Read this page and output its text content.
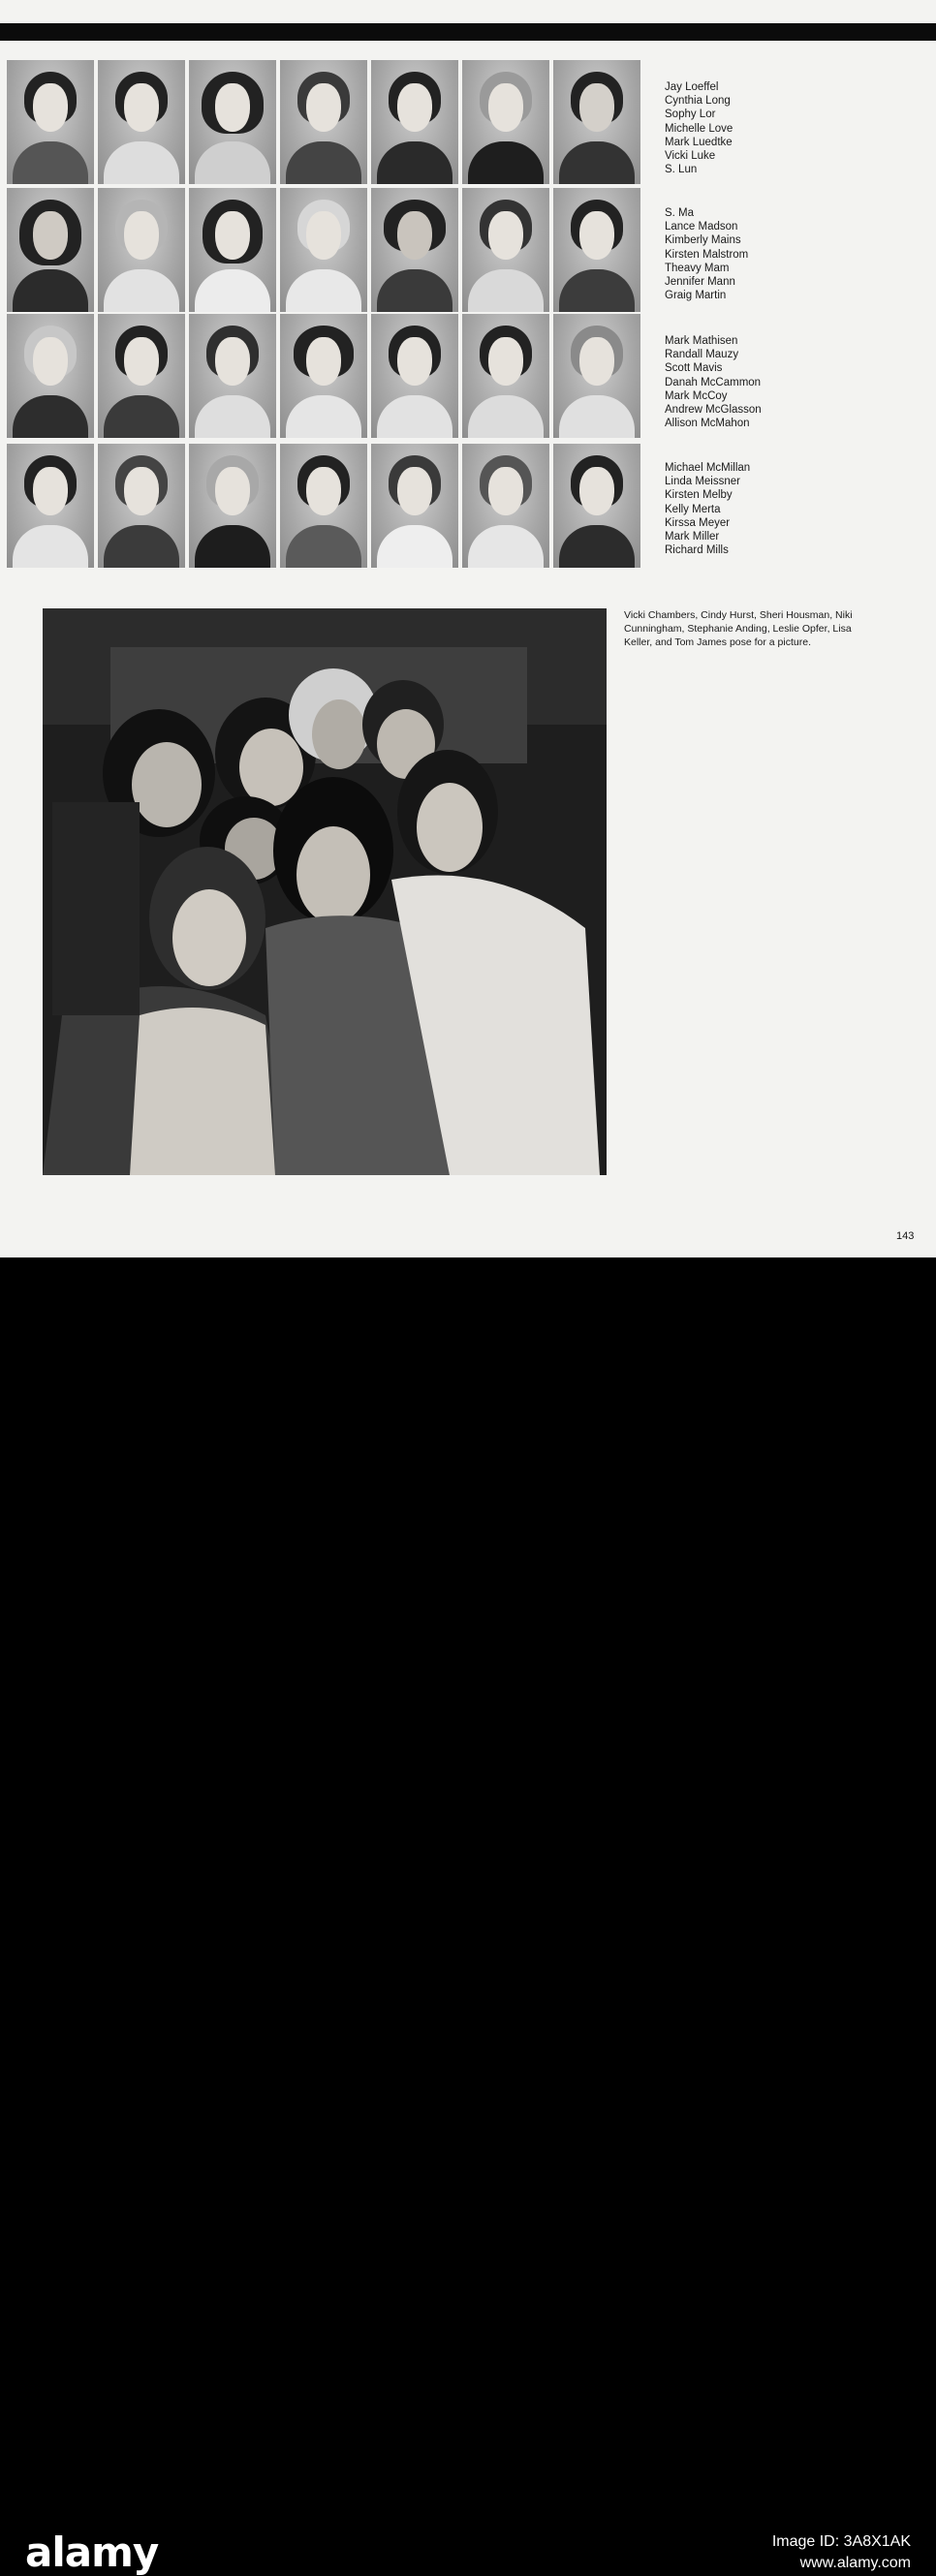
Jay Loeffel
Cynthia Long
Sophy Lor
Michelle Love
Mark Luedtke
Vicki Luke
S. Lun
S. Ma
Lance Madson
Kimberly Mains
Kirsten Malstrom
Theavy Mam
Jennifer Mann
Graig Martin
Mark Mathisen
Randall Mauzy
Scott Mavis
Danah McCammon
Mark McCoy
Andrew McGlasson
Allison McMahon
Michael McMillan
Linda Meissner
Kirsten Melby
Kelly Merta
Kirssa Meyer
Mark Miller
Richard Mills
Vicki Chambers, Cindy Hurst, Sheri Housman, Niki Cunningham, Stephanie Anding, Leslie Opfer, Lisa Keller, and Tom James pose for a picture.
143
alamy	Image ID: 3A8X1AK
www.alamy.com
